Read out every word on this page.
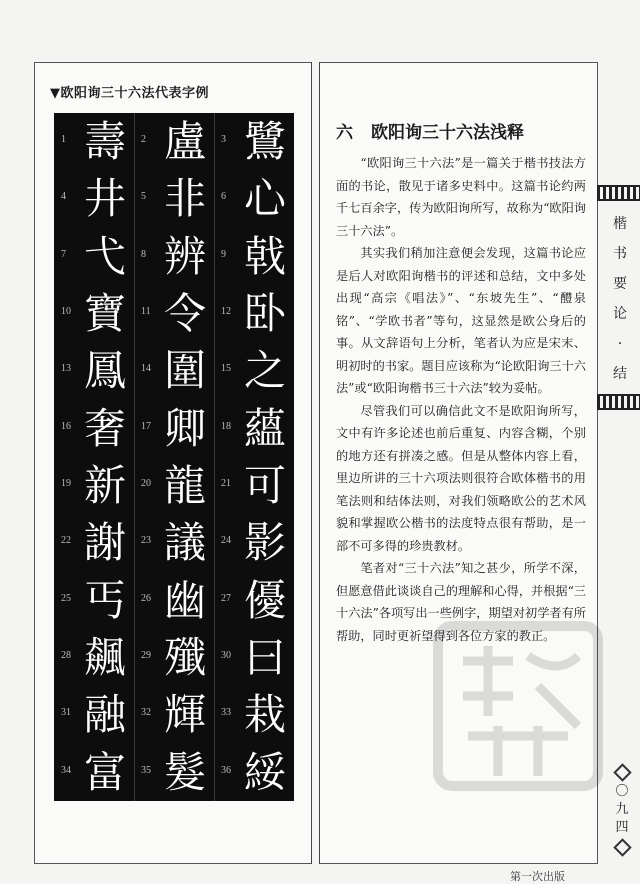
▼欧阳询三十六法代表字例
1 壽	2 盧	3 鷺
4 井	5 非	6 心
7 弋	8 辨	9 戟
10 寶	11 令	12 卧
13 鳳	14 圍	15 之
16 奢	17 卿	18 蘊
19 新	20 龍	21 可
22 謝	23 議	24 影
25 丐	26 幽	27 優
28 飆	29 殲	30 曰
31 融	32 輝	33 栽
34 富	35 髮	36 綏
六 欧阳询三十六法浅释

“欧阳询三十六法”是一篇关于楷书技法方面的书论，散见于诸多史料中。这篇书论约两千七百余字，传为欧阳询所写，故称为“欧阳询三十六法”。

其实我们稍加注意便会发现，这篇书论应是后人对欧阳询楷书的评述和总结，文中多处出现“高宗《唱法》”、“东坡先生”、“醴泉铭”、“学欧书者”等句，这显然是欧公身后的事。从文辞语句上分析，笔者认为应是宋末、明初时的书家。题目应该称为“论欧阳询三十六法”或“欧阳询楷书三十六法”较为妥帖。

尽管我们可以确信此文不是欧阳询所写，文中有许多论述也前后重复、内容含糊，个别的地方还有拼凑之感。但是从整体内容上看，里边所讲的三十六项法则很符合欧体楷书的用笔法则和结体法则，对我们领略欧公的艺术风貌和掌握欧公楷书的法度特点很有帮助，是一部不可多得的珍贵教材。

笔者对“三十六法”知之甚少，所学不深，但愿意借此谈谈自己的理解和心得，并根据“三十六法”各项写出一些例字，期望对初学者有所帮助，同时更祈望得到各位方家的教正。

楷
书
要
论
·
结
〇
九
四
第一次出版
